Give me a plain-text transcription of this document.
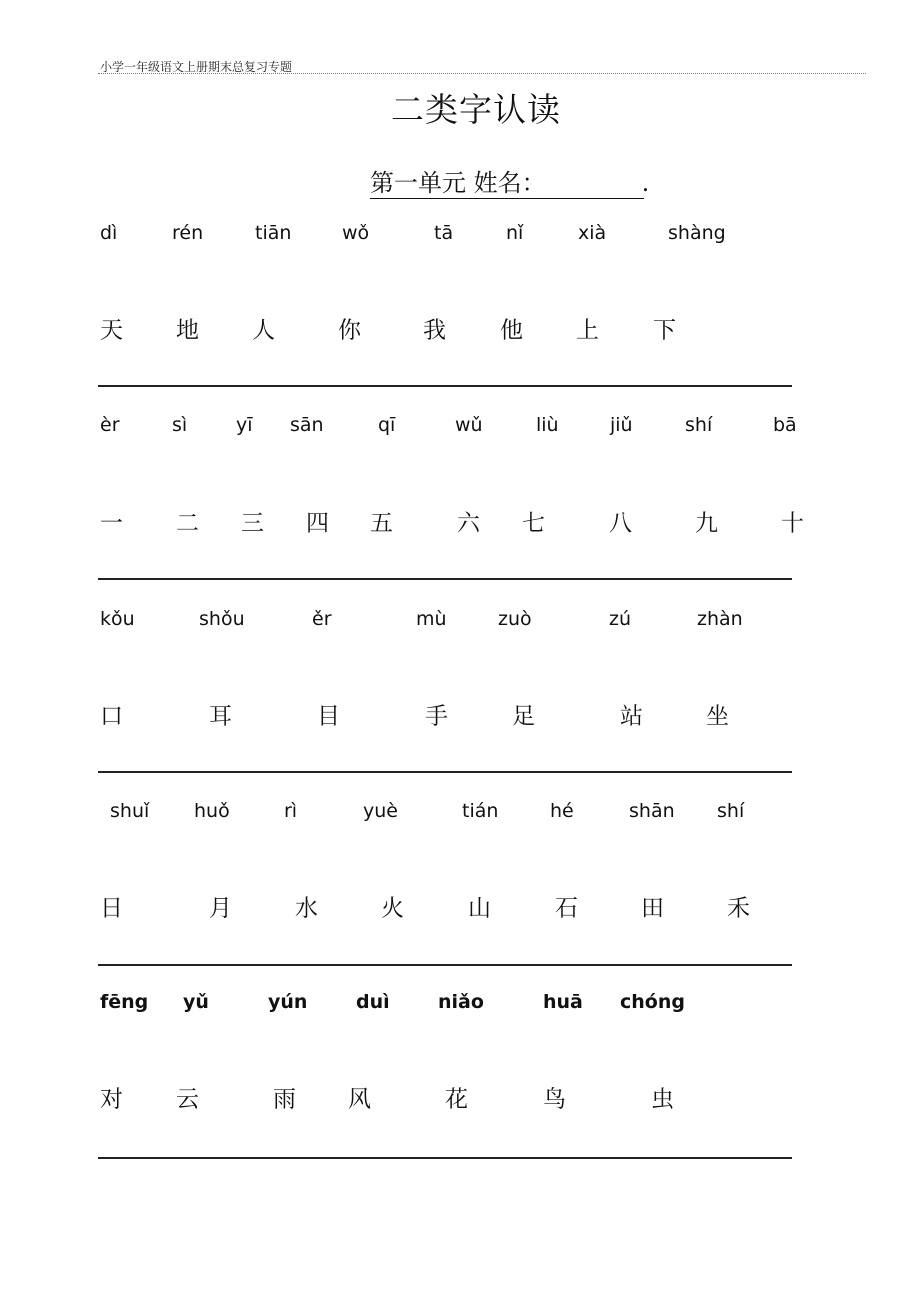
小学一年级语文上册期末总复习专题
二类字认读
第一单元 姓名：	.
dì	rén	tiān	wǒ	tā	nǐ	xià	shàng
天 地 人	你	我 他 上 下
èr	sì	yī sān	qī	wǔ	liù	jiǔ	shí	bā
一 二 三 四 五	六 七	八	九	十
kǒu	shǒu	ěr	mù	zuò	zú	zhàn
口	耳	目	手	足	站	坐
shuǐ huǒ	rì	yuè	tián	hé	shān shí
日	月	水	火	山	石	田	禾
fēng yǔ	yún	duì	niǎo	huā chóng
对 云	雨 风	花	鸟	虫
